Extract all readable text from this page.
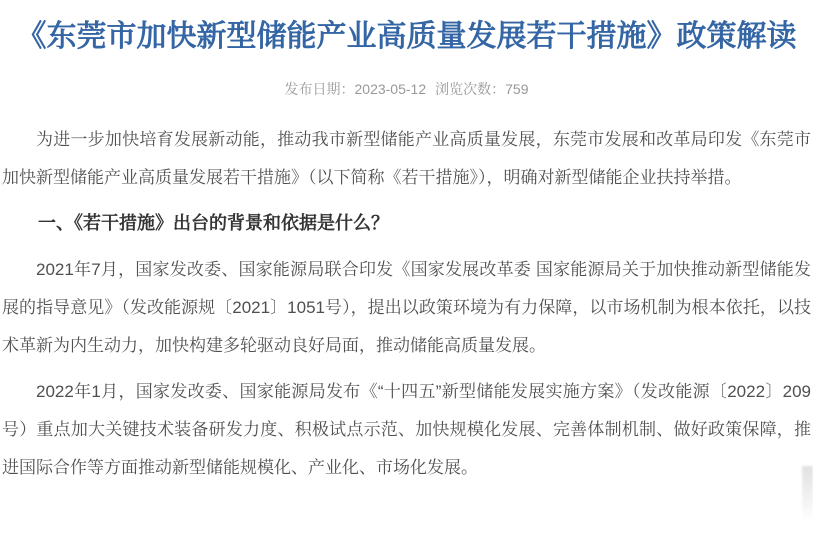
《东莞市加快新型储能产业高质量发展若干措施》政策解读
发布日期：2023-05-12 浏览次数：759

为进一步加快培育发展新动能，推动我市新型储能产业高质量发展，东莞市发展和改革局印发《东莞市加快新型储能产业高质量发展若干措施》（以下简称《若干措施》），明确对新型储能企业扶持举措。

一、《若干措施》出台的背景和依据是什么？

2021年7月，国家发改委、国家能源局联合印发《国家发展改革委 国家能源局关于加快推动新型储能发展的指导意见》（发改能源规〔2021〕1051号），提出以政策环境为有力保障，以市场机制为根本依托，以技术革新为内生动力，加快构建多轮驱动良好局面，推动储能高质量发展。

2022年1月，国家发改委、国家能源局发布《“十四五”新型储能发展实施方案》（发改能源〔2022〕209号）重点加大关键技术装备研发力度、积极试点示范、加快规模化发展、完善体制机制、做好政策保障，推进国际合作等方面推动新型储能规模化、产业化、市场化发展。
